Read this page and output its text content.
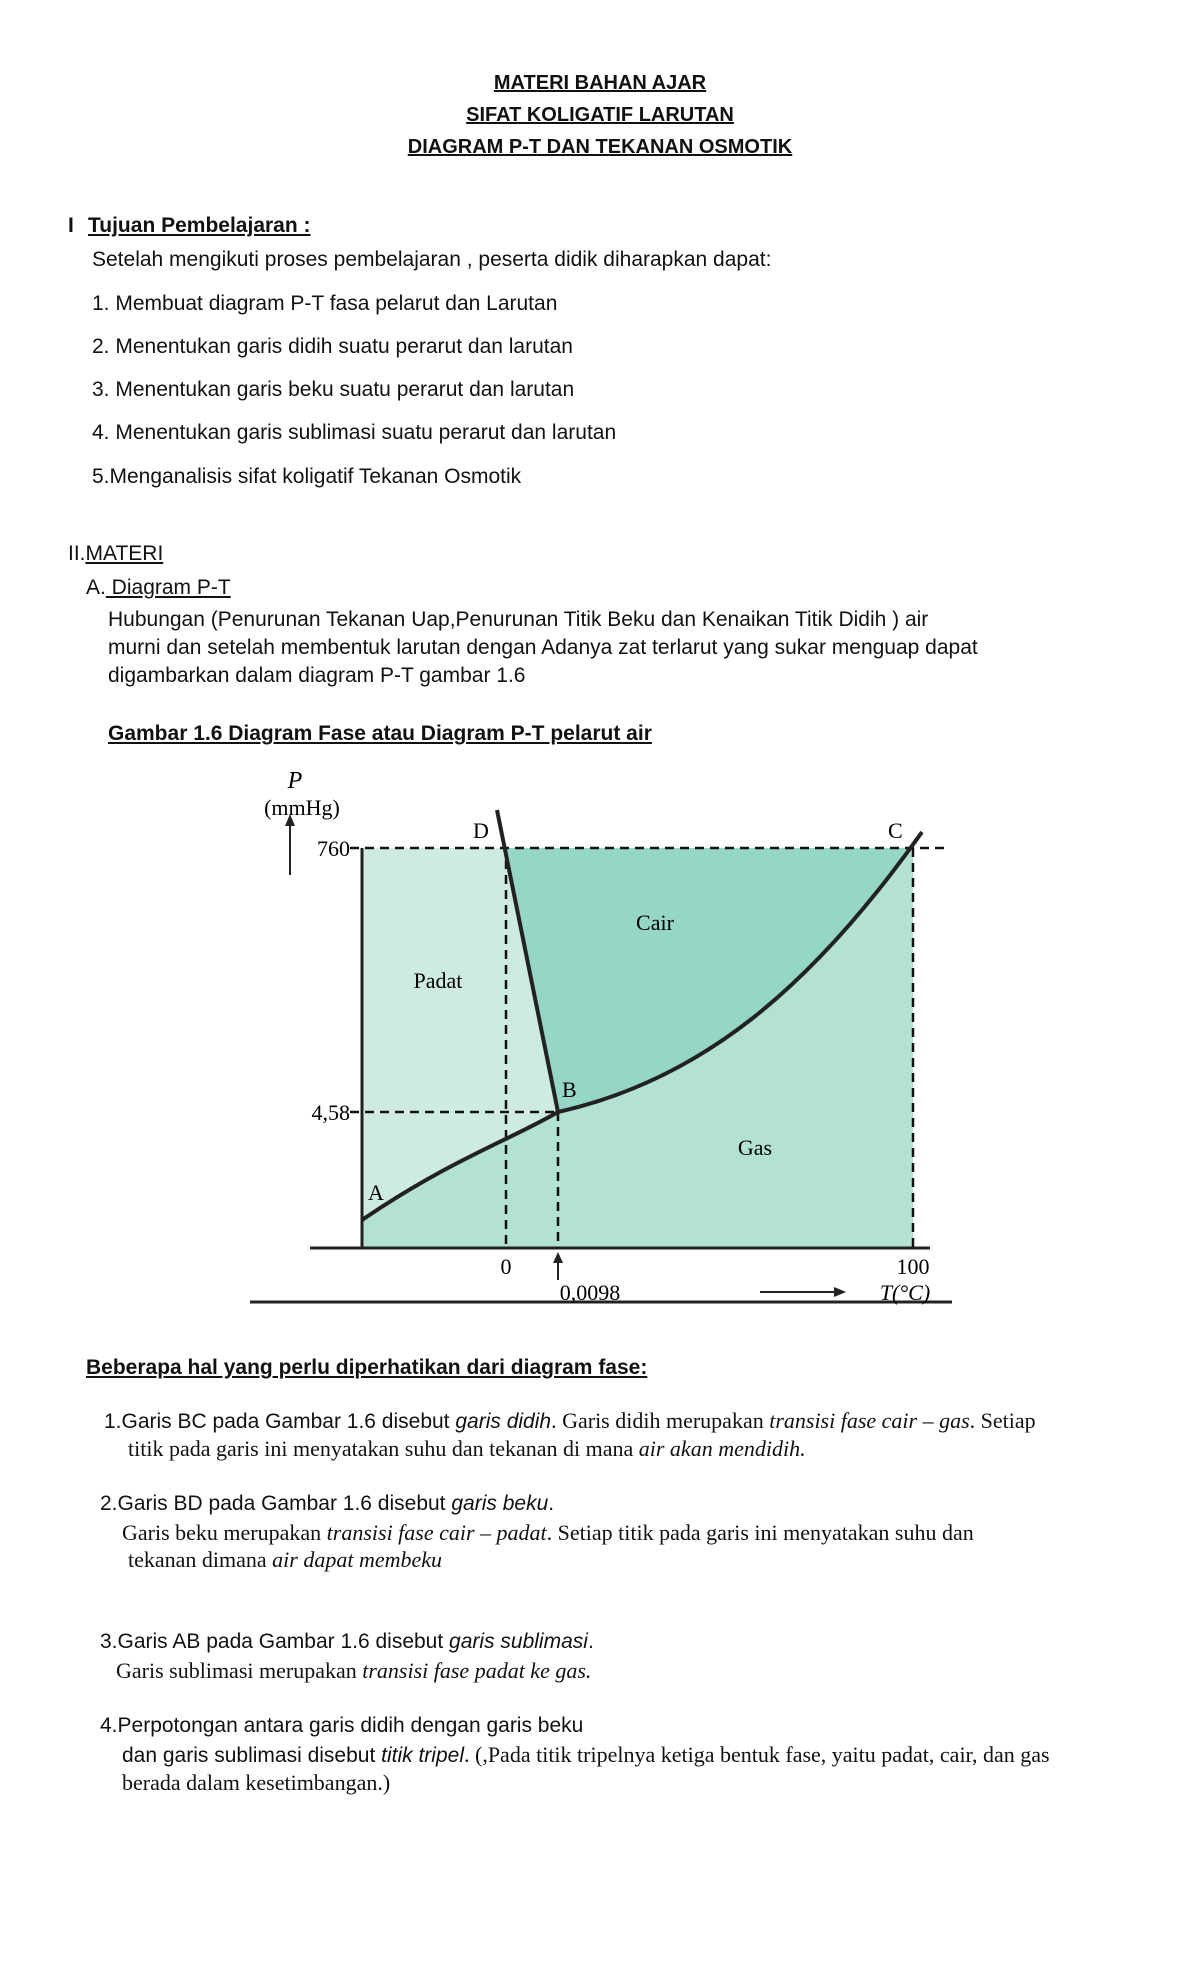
MATERI BAHAN AJAR
SIFAT KOLIGATIF LARUTAN
DIAGRAM P-T DAN TEKANAN OSMOTIK
I Tujuan Pembelajaran :
Setelah mengikuti proses pembelajaran , peserta didik diharapkan dapat:
1. Membuat diagram P-T fasa pelarut dan Larutan
2. Menentukan garis didih suatu perarut dan larutan
3. Menentukan garis beku suatu perarut dan larutan
4. Menentukan garis sublimasi suatu perarut dan larutan
5.Menganalisis sifat koligatif Tekanan Osmotik
II.MATERI
A. Diagram P-T
Hubungan (Penurunan Tekanan Uap,Penurunan Titik Beku dan Kenaikan Titik Didih ) air
murni dan setelah membentuk larutan dengan Adanya zat terlarut yang sukar menguap dapat
digambarkan dalam diagram P-T gambar 1.6
Gambar 1.6 Diagram Fase atau Diagram P-T pelarut air
P
(mmHg)
760
4,58
0	100
0,0098	T(°C)
Padat
Cair
Gas
A
B
C
D
Beberapa hal yang perlu diperhatikan dari diagram fase:
1.Garis BC pada Gambar 1.6 disebut garis didih. Garis didih merupakan transisi fase cair – gas. Setiap
titik pada garis ini menyatakan suhu dan tekanan di mana air akan mendidih.
2.Garis BD pada Gambar 1.6 disebut garis beku.
Garis beku merupakan transisi fase cair – padat. Setiap titik pada garis ini menyatakan suhu dan
tekanan dimana air dapat membeku
3.Garis AB pada Gambar 1.6 disebut garis sublimasi.
Garis sublimasi merupakan transisi fase padat ke gas.
4.Perpotongan antara garis didih dengan garis beku
dan garis sublimasi disebut titik tripel. (,Pada titik tripelnya ketiga bentuk fase, yaitu padat, cair, dan gas
berada dalam kesetimbangan.)
